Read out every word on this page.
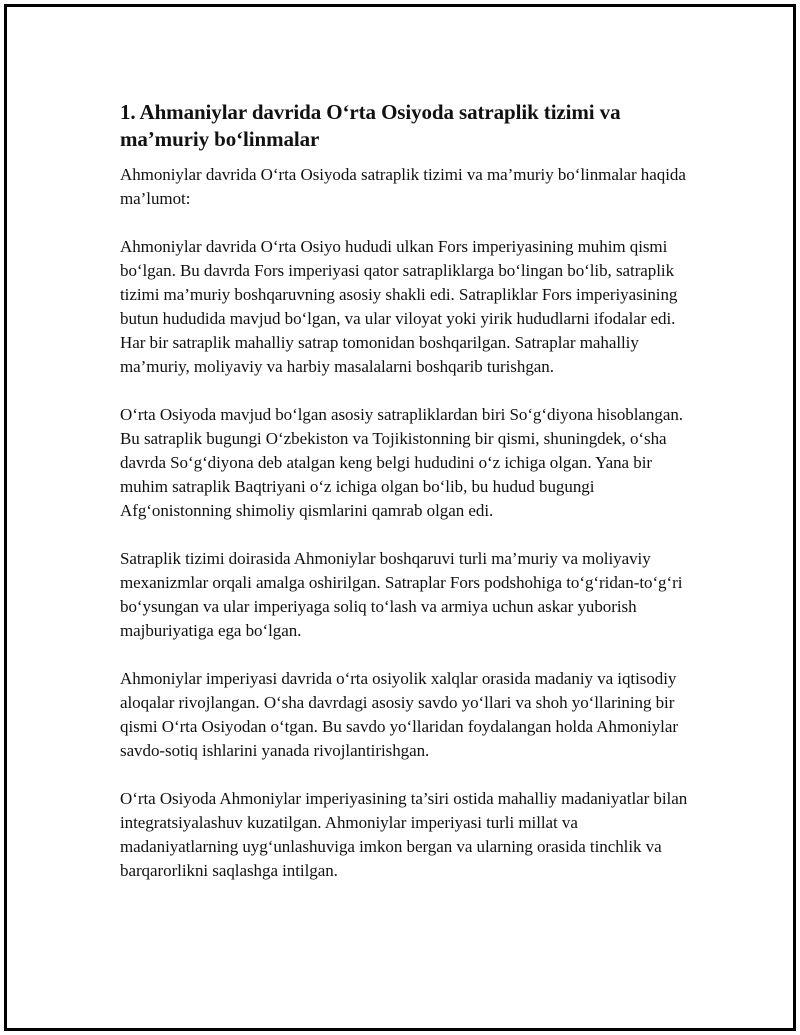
1. Ahmaniylar davrida O‘rta Osiyoda satraplik tizimi va ma’muriy bo‘linmalar

Ahmoniylar davrida O‘rta Osiyoda satraplik tizimi va ma’muriy bo‘linmalar haqida ma’lumot:

Ahmoniylar davrida O‘rta Osiyo hududi ulkan Fors imperiyasining muhim qismi bo‘lgan. Bu davrda Fors imperiyasi qator satrapliklarga bo‘lingan bo‘lib, satraplik tizimi ma’muriy boshqaruvning asosiy shakli edi. Satrapliklar Fors imperiyasining butun hududida mavjud bo‘lgan, va ular viloyat yoki yirik hududlarni ifodalar edi. Har bir satraplik mahalliy satrap tomonidan boshqarilgan. Satraplar mahalliy ma’muriy, moliyaviy va harbiy masalalarni boshqarib turishgan.

O‘rta Osiyoda mavjud bo‘lgan asosiy satrapliklardan biri So‘g‘diyona hisoblangan. Bu satraplik bugungi O‘zbekiston va Tojikistonning bir qismi, shuningdek, o‘sha davrda So‘g‘diyona deb atalgan keng belgi hududini o‘z ichiga olgan. Yana bir muhim satraplik Baqtriyani o‘z ichiga olgan bo‘lib, bu hudud bugungi Afg‘onistonning shimoliy qismlarini qamrab olgan edi.

Satraplik tizimi doirasida Ahmoniylar boshqaruvi turli ma’muriy va moliyaviy mexanizmlar orqali amalga oshirilgan. Satraplar Fors podshohiga to‘g‘ridan-to‘g‘ri bo‘ysungan va ular imperiyaga soliq to‘lash va armiya uchun askar yuborish majburiyatiga ega bo‘lgan.

Ahmoniylar imperiyasi davrida o‘rta osiyolik xalqlar orasida madaniy va iqtisodiy aloqalar rivojlangan. O‘sha davrdagi asosiy savdo yo‘llari va shoh yo‘llarining bir qismi O‘rta Osiyodan o‘tgan. Bu savdo yo‘llaridan foydalangan holda Ahmoniylar savdo-sotiq ishlarini yanada rivojlantirishgan.

O‘rta Osiyoda Ahmoniylar imperiyasining ta’siri ostida mahalliy madaniyatlar bilan integratsiyalashuv kuzatilgan. Ahmoniylar imperiyasi turli millat va madaniyatlarning uyg‘unlashuviga imkon bergan va ularning orasida tinchlik va barqarorlikni saqlashga intilgan.
